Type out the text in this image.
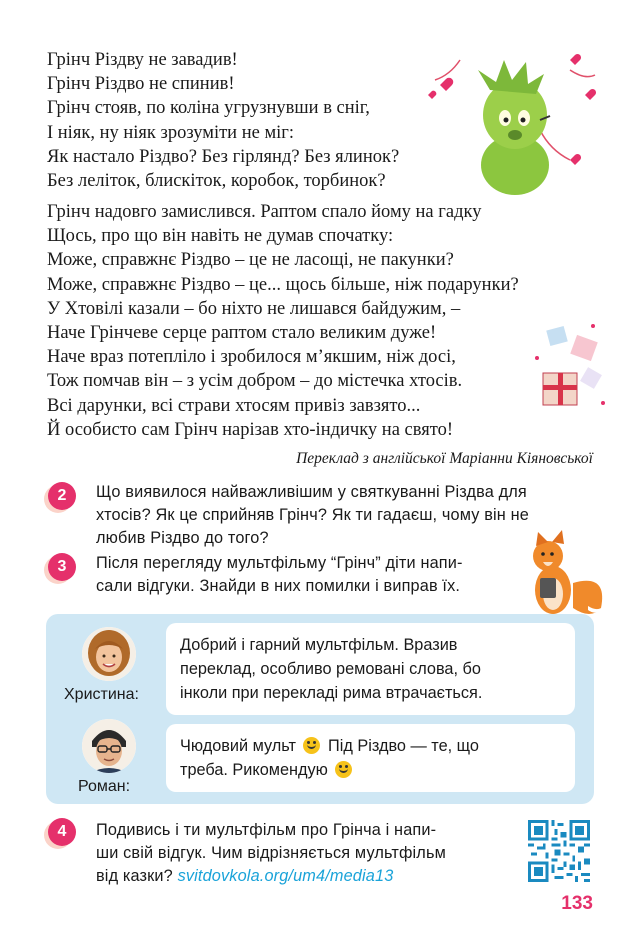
Грінч Різдву не завадив!
Грінч Різдво не спинив!
Грінч стояв, по коліна угрузнувши в сніг,
І ніяк, ну ніяк зрозуміти не міг:
Як настало Різдво? Без гірлянд? Без ялинок?
Без леліток, блискіток, коробок, торбинок?
Грінч надовго замислився. Раптом спало йому на гадку
Щось, про що він навіть не думав спочатку:
Може, справжнє Різдво – це не ласощі, не пакунки?
Може, справжнє Різдво – це... щось більше, ніж подарунки?
У Хтовілі казали – бо ніхто не лишався байдужим, –
Наче Грінчеве серце раптом стало великим дуже!
Наче враз потепліло і зробилося м’якшим, ніж досі,
Тож помчав він – з усім добром – до містечка хтосів.
Всі дарунки, всі страви хтосям привіз завзято...
Й особисто сам Грінч нарізав хто-індичку на свято!
Переклад з англійської Маріанни Кіяновської
2	Що виявилося найважливішим у святкуванні Різдва для
хтосів? Як це сприйняв Грінч? Як ти гадаєш, чому він не
любив Різдво до того?
3	Після перегляду мультфільму “Грінч” діти напи-
сали відгуки. Знайди в них помилки і виправ їх.
Христина:
Добрий і гарний мультфільм. Вразив
переклад, особливо ремовані слова, бо
інколи при перекладі рима втрачається.
Роман:
Чюдовий мульт Під Різдво — те, що
треба. Рикомендую
4	Подивись і ти мультфільм про Грінча і напи-
ши свій відгук. Чим відрізняється мультфільм
від казки? svitdovkola.org/um4/media13
133
